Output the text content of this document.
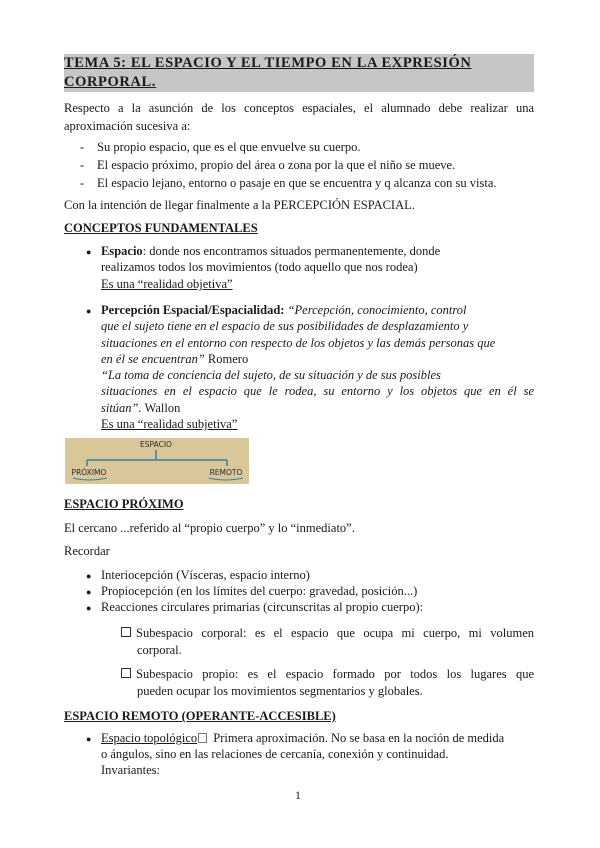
TEMA 5: EL ESPACIO Y EL TIEMPO EN LA EXPRESIÓN
CORPORAL.
Respecto a la asunción de los conceptos espaciales, el alumnado debe realizar una aproximación sucesiva a:
- Su propio espacio, que es el que envuelve su cuerpo.
- El espacio próximo, propio del área o zona por la que el niño se mueve.
- El espacio lejano, entorno o pasaje en que se encuentra y q alcanza con su vista.
Con la intención de llegar finalmente a la PERCEPCIÓN ESPACIAL.
CONCEPTOS FUNDAMENTALES
● Espacio: donde nos encontramos situados permanentemente, donde
realizamos todos los movimientos (todo aquello que nos rodea)
Es una “realidad objetiva”
● Percepción Espacial/Espacialidad: “Percepción, conocimiento, control
que el sujeto tiene en el espacio de sus posibilidades de desplazamiento y
situaciones en el entorno con respecto de los objetos y las demás personas que
en él se encuentran” Romero
“La toma de conciencia del sujeto, de su situación y de sus posibles
situaciones en el espacio que le rodea, su entorno y los objetos que en él se
sitúan”. Wallon
Es una “realidad subjetiva”
ESPACIO
PRÓXIMO	REMOTO
ESPACIO PRÓXIMO
El cercano ...referido al “propio cuerpo” y lo “inmediato”.
Recordar
● Interiocepción (Vísceras, espacio interno)
● Propiocepción (en los límites del cuerpo: gravedad, posición...)
● Reacciones circulares primarias (circunscritas al propio cuerpo):
Subespacio corporal: es el espacio que ocupa mi cuerpo, mi volumen
corporal.
Subespacio propio: es el espacio formado por todos los lugares que
pueden ocupar los movimientos segmentarios y globales.
ESPACIO REMOTO (OPERANTE-ACCESIBLE)
● Espacio topológico Primera aproximación. No se basa en la noción de medida
o ángulos, sino en las relaciones de cercanía, conexión y continuidad.
Invariantes:
1
